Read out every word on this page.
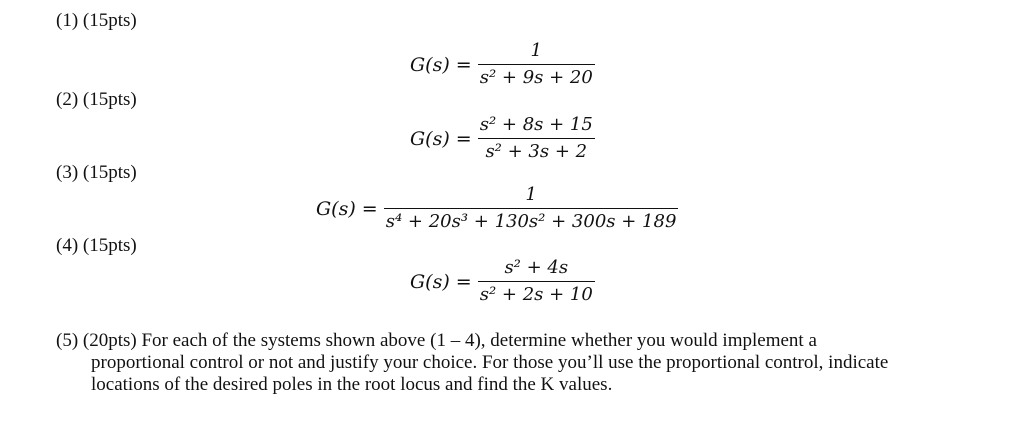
(1) (15pts)
$G(s) = \frac{1}{\text{s² + 9s + 20}}$
(2) (15pts)
$G(s) = \frac{\text{s² + 8s + 15}}{\text{s² + 3s + 2}}$
(3) (15pts)
$G(s) = \frac{1}{\text{s⁴ + 20s³ + 130s² + 300s + 189}}$
(4) (15pts)
$G(s) = \frac{\text{s² + 4s}}{\text{s² + 2s + 10}}$
(5) (20pts) For each of the systems shown above (1 – 4), determine whether you would implement a
proportional control or not and justify your choice. For those you’ll use the proportional control, indicate
locations of the desired poles in the root locus and find the K values.
